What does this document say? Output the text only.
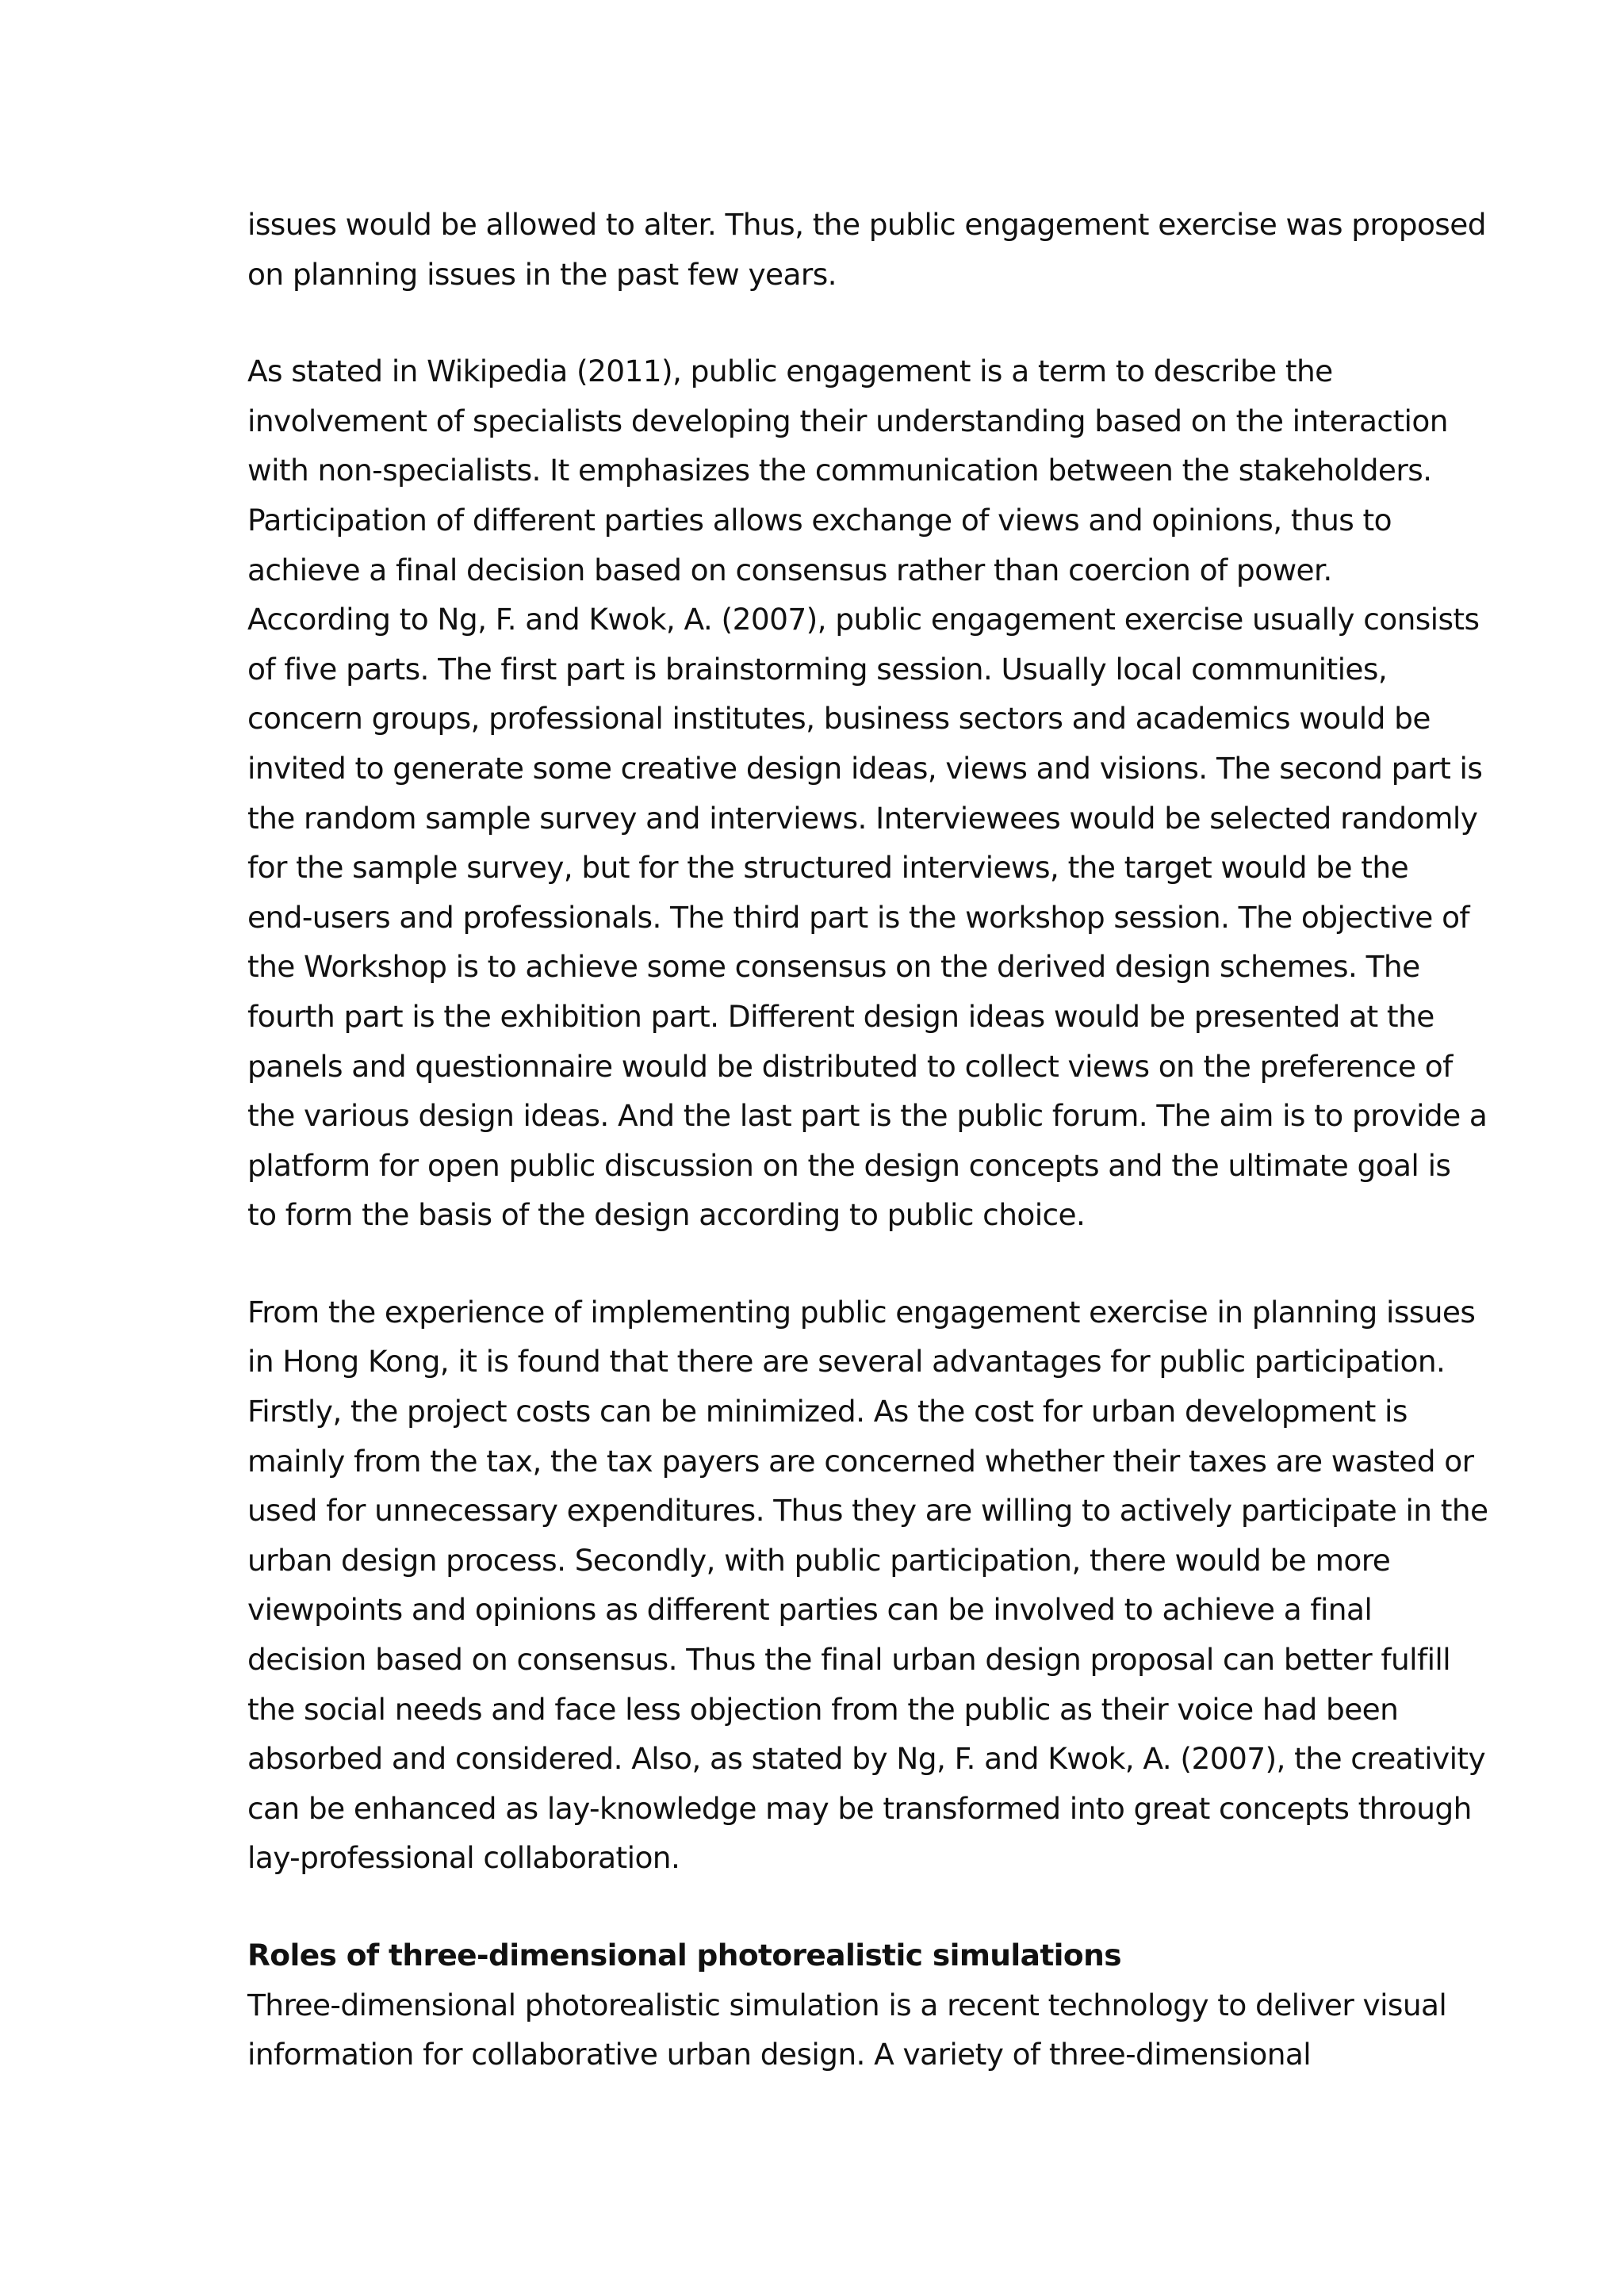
issues would be allowed to alter. Thus, the public engagement exercise was proposed
on planning issues in the past few years.

As stated in Wikipedia (2011), public engagement is a term to describe the
involvement of specialists developing their understanding based on the interaction
with non-specialists. It emphasizes the communication between the stakeholders.
Participation of different parties allows exchange of views and opinions, thus to
achieve a final decision based on consensus rather than coercion of power.
According to Ng, F. and Kwok, A. (2007), public engagement exercise usually consists
of five parts. The first part is brainstorming session. Usually local communities,
concern groups, professional institutes, business sectors and academics would be
invited to generate some creative design ideas, views and visions. The second part is
the random sample survey and interviews. Interviewees would be selected randomly
for the sample survey, but for the structured interviews, the target would be the
end-users and professionals. The third part is the workshop session. The objective of
the Workshop is to achieve some consensus on the derived design schemes. The
fourth part is the exhibition part. Different design ideas would be presented at the
panels and questionnaire would be distributed to collect views on the preference of
the various design ideas. And the last part is the public forum. The aim is to provide a
platform for open public discussion on the design concepts and the ultimate goal is
to form the basis of the design according to public choice.

From the experience of implementing public engagement exercise in planning issues
in Hong Kong, it is found that there are several advantages for public participation.
Firstly, the project costs can be minimized. As the cost for urban development is
mainly from the tax, the tax payers are concerned whether their taxes are wasted or
used for unnecessary expenditures. Thus they are willing to actively participate in the
urban design process. Secondly, with public participation, there would be more
viewpoints and opinions as different parties can be involved to achieve a final
decision based on consensus. Thus the final urban design proposal can better fulfill
the social needs and face less objection from the public as their voice had been
absorbed and considered. Also, as stated by Ng, F. and Kwok, A. (2007), the creativity
can be enhanced as lay-knowledge may be transformed into great concepts through
lay-professional collaboration.

Roles of three-dimensional photorealistic simulations
Three-dimensional photorealistic simulation is a recent technology to deliver visual
information for collaborative urban design. A variety of three-dimensional
